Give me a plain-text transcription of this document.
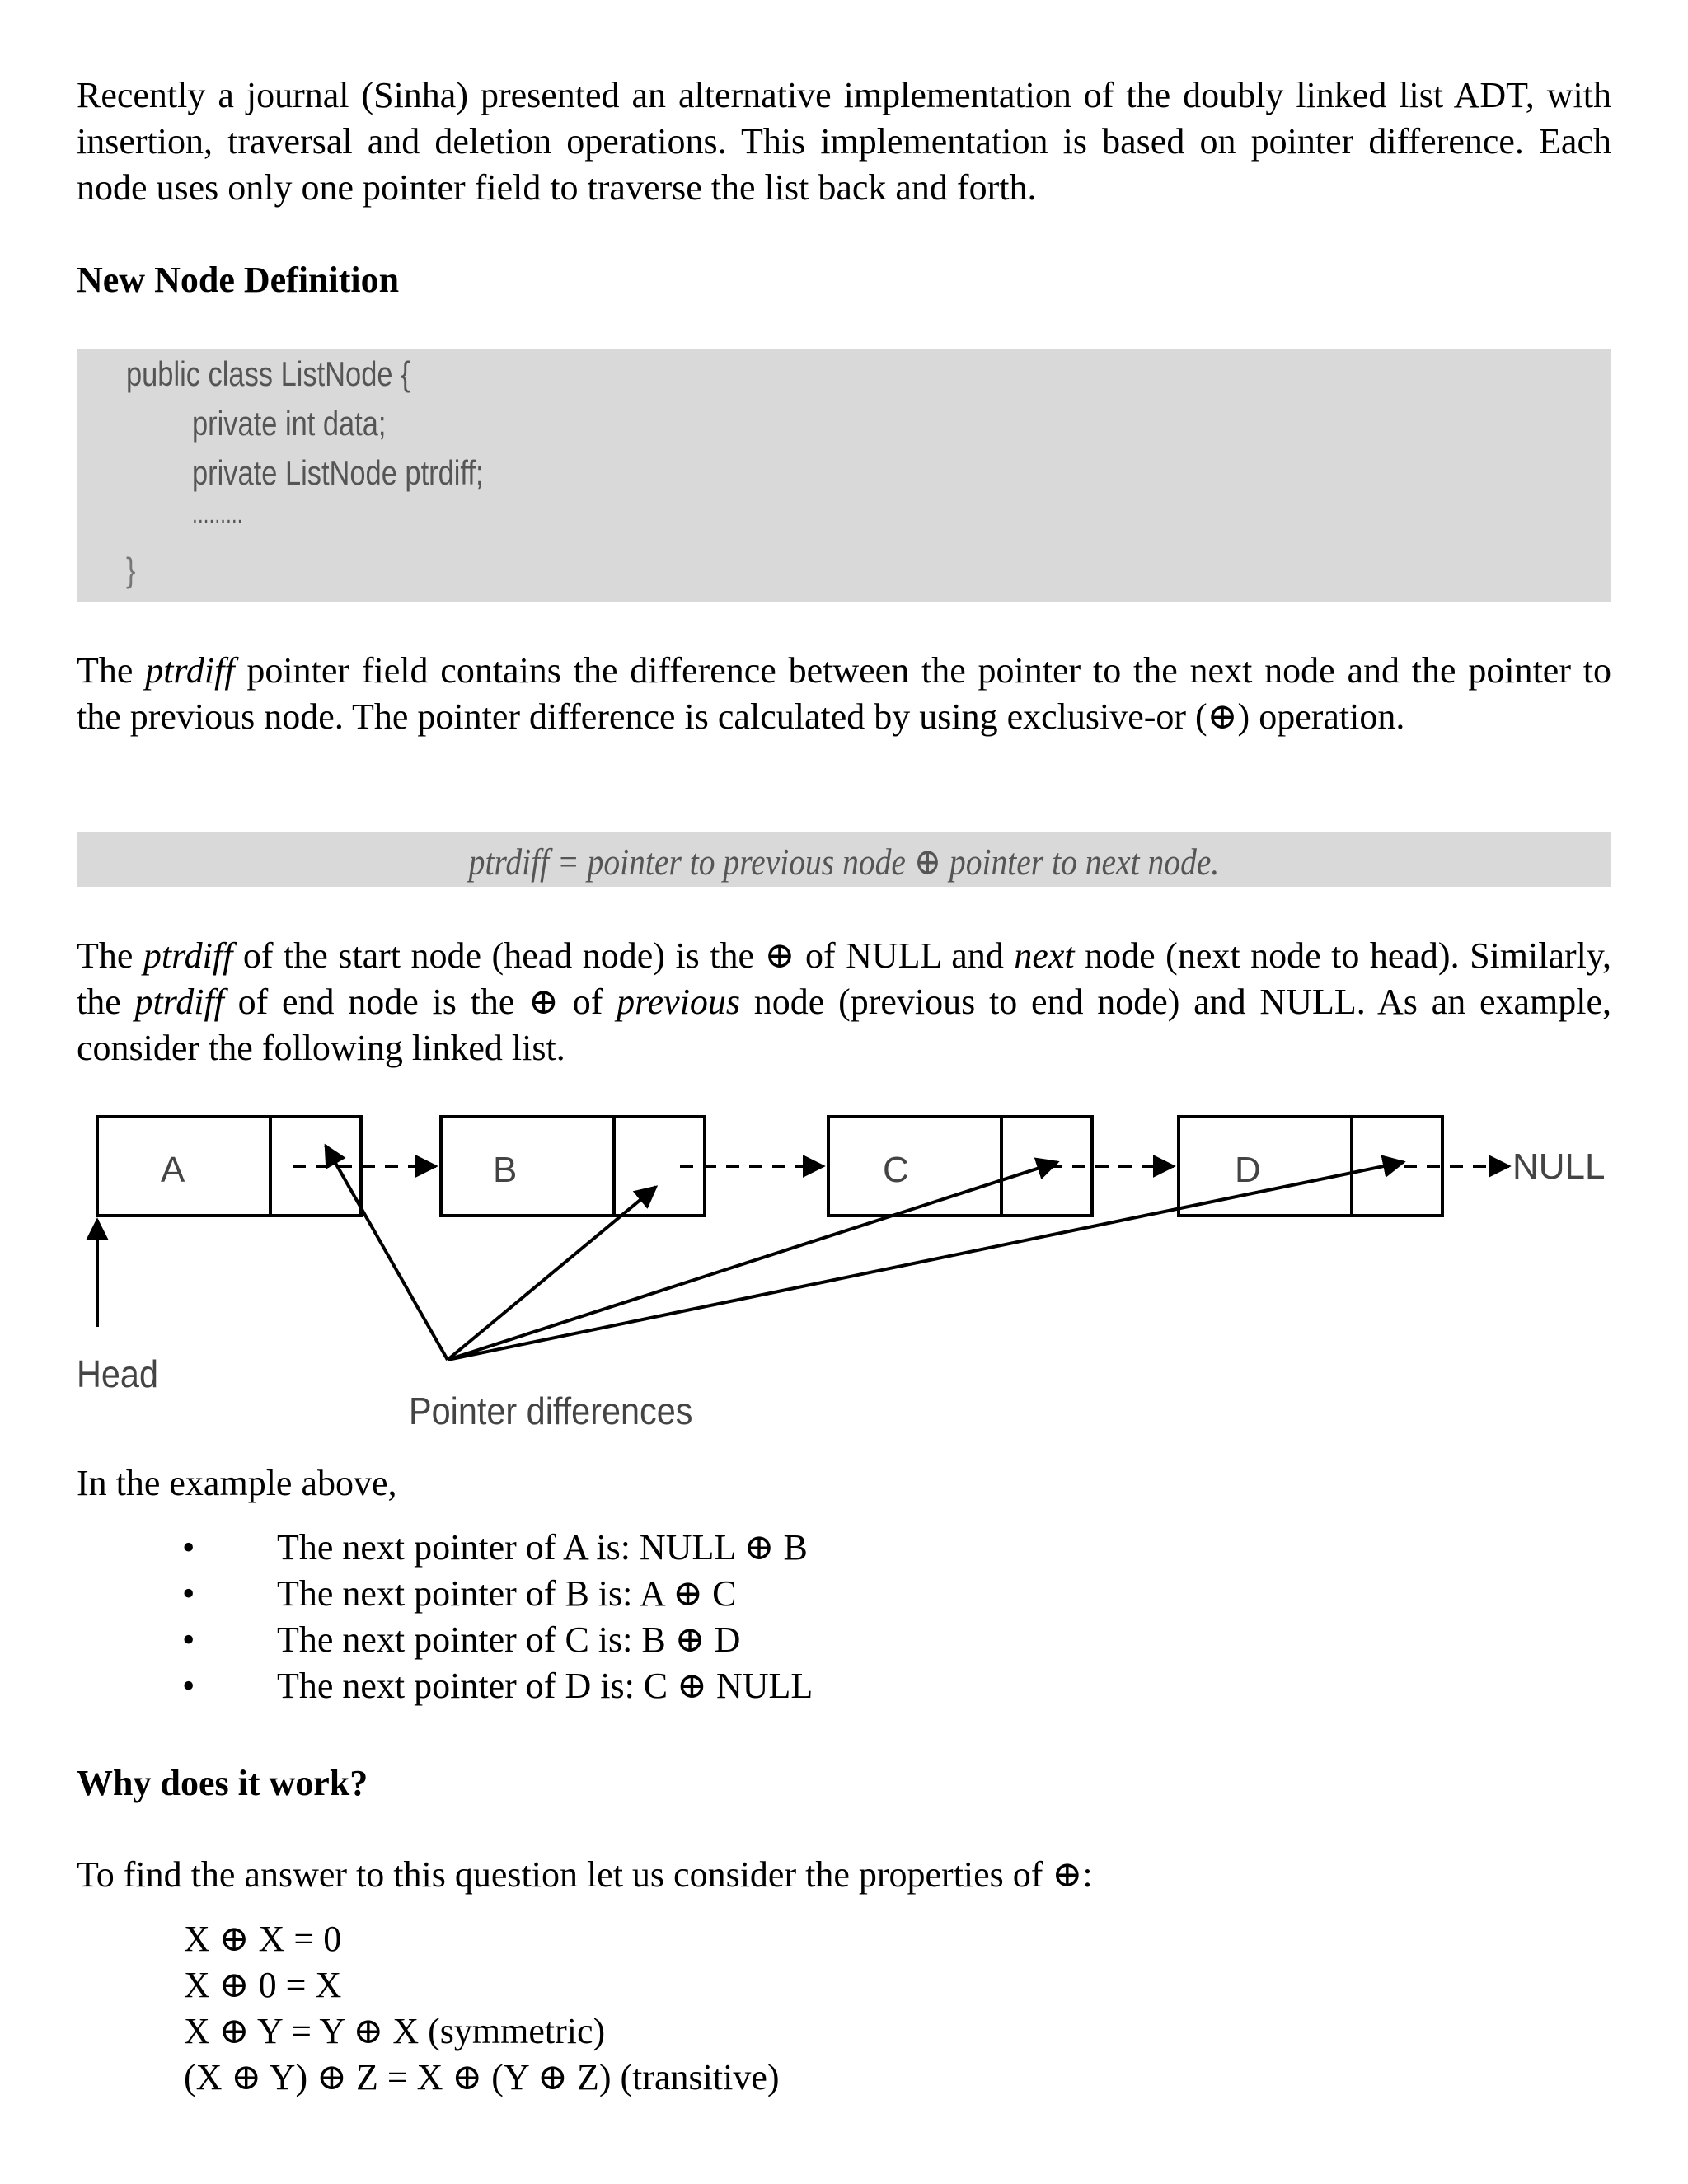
Recently a journal (Sinha) presented an alternative implementation of the doubly linked list ADT, with insertion, traversal and deletion operations. This implementation is based on pointer difference. Each node uses only one pointer field to traverse the list back and forth.

New Node Definition

public class ListNode {
private int data;
private ListNode ptrdiff;
.........
}

The ptrdiff pointer field contains the difference between the pointer to the next node and the pointer to the previous node. The pointer difference is calculated by using exclusive-or (⊕) operation.

ptrdiff = pointer to previous node ⊕ pointer to next node.

The ptrdiff of the start node (head node) is the ⊕ of NULL and next node (next node to head). Similarly, the ptrdiff of end node is the ⊕ of previous node (previous to end node) and NULL. As an example, consider the following linked list.

A	B	C	D	NULL
Head
Pointer differences

In the example above,

• The next pointer of A is: NULL ⊕ B
• The next pointer of B is: A ⊕ C
• The next pointer of C is: B ⊕ D
• The next pointer of D is: C ⊕ NULL

Why does it work?

To find the answer to this question let us consider the properties of ⊕:

X ⊕ X = 0
X ⊕ 0 = X
X ⊕ Y = Y ⊕ X (symmetric)
(X ⊕ Y) ⊕ Z = X ⊕ (Y ⊕ Z) (transitive)
